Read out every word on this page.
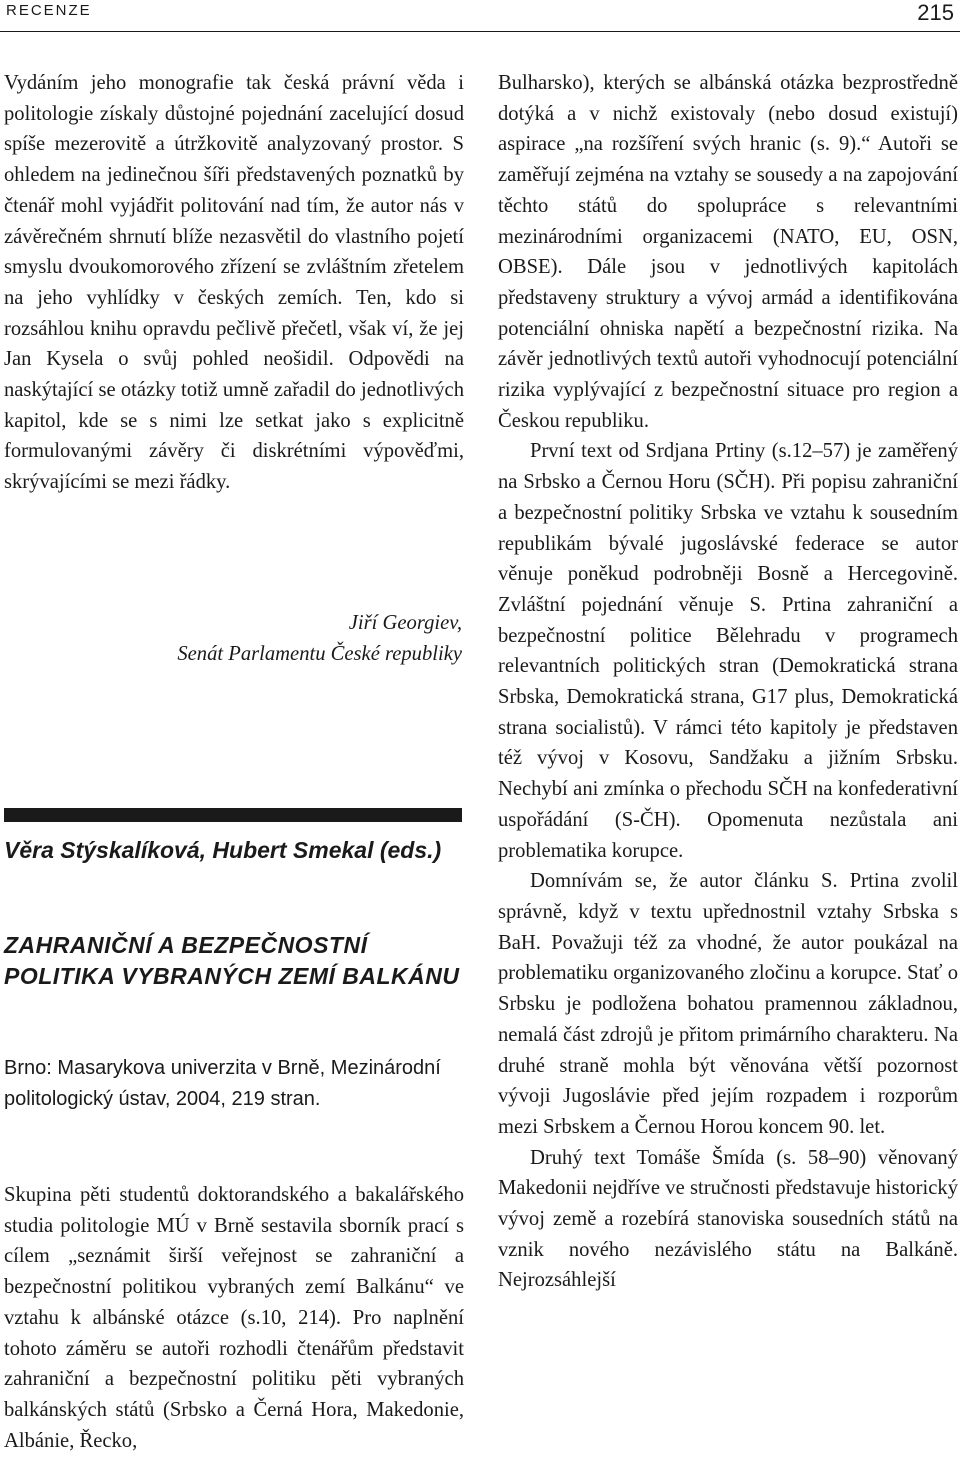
RECENZE	215

Vydáním jeho monografie tak česká právní věda i politologie získaly důstojné pojednání zacelující dosud spíše mezerovitě a útržkovitě analyzovaný prostor. S ohledem na jedinečnou šíři představených poznatků by čtenář mohl vyjádřit politování nad tím, že autor nás v závěrečném shrnutí blíže nezasvětil do vlastního pojetí smyslu dvoukomorového zřízení se zvláštním zřetelem na jeho vyhlídky v českých zemích. Ten, kdo si rozsáhlou knihu opravdu pečlivě přečetl, však ví, že jej Jan Kysela o svůj pohled neošidil. Odpovědi na naskýtající se otázky totiž umně zařadil do jednotlivých kapitol, kde se s nimi lze setkat jako s explicitně formulovanými závěry či diskrétními výpověďmi, skrývajícími se mezi řádky.

Jiří Georgiev,
Senát Parlamentu České republiky

Věra Stýskalíková, Hubert Smekal (eds.)

ZAHRANIČNÍ A BEZPEČNOSTNÍ POLITIKA VYBRANÝCH ZEMÍ BALKÁNU

Brno: Masarykova univerzita v Brně, Mezinárodní politologický ústav, 2004, 219 stran.

Skupina pěti studentů doktorandského a bakalářského studia politologie MÚ v Brně sestavila sborník prací s cílem „seznámit širší veřejnost se zahraniční a bezpečnostní politikou vybraných zemí Balkánu“ ve vztahu k albánské otázce (s.10, 214). Pro naplnění tohoto záměru se autoři rozhodli čtenářům představit zahraniční a bezpečnostní politiku pěti vybraných balkánských států (Srbsko a Černá Hora, Makedonie, Albánie, Řecko,

Bulharsko), kterých se albánská otázka bezprostředně dotýká a v nichž existovaly (nebo dosud existují) aspirace „na rozšíření svých hranic (s. 9).“ Autoři se zaměřují zejména na vztahy se sousedy a na zapojování těchto států do spolupráce s relevantními mezinárodními organizacemi (NATO, EU, OSN, OBSE). Dále jsou v jednotlivých kapitolách představeny struktury a vývoj armád a identifikována potenciální ohniska napětí a bezpečnostní rizika. Na závěr jednotlivých textů autoři vyhodnocují potenciální rizika vyplývající z bezpečnostní situace pro region a Českou republiku.

První text od Srdjana Prtiny (s.12–57) je zaměřený na Srbsko a Černou Horu (SČH). Při popisu zahraniční a bezpečnostní politiky Srbska ve vztahu k sousedním republikám bývalé jugoslávské federace se autor věnuje poněkud podrobněji Bosně a Hercegovině. Zvláštní pojednání věnuje S. Prtina zahraniční a bezpečnostní politice Bělehradu v programech relevantních politických stran (Demokratická strana Srbska, Demokratická strana, G17 plus, Demokratická strana socialistů). V rámci této kapitoly je představen též vývoj v Kosovu, Sandžaku a jižním Srbsku. Nechybí ani zmínka o přechodu SČH na konfederativní uspořádání (S-ČH). Opomenuta nezůstala ani problematika korupce.

Domnívám se, že autor článku S. Prtina zvolil správně, když v textu upřednostnil vztahy Srbska s BaH. Považuji též za vhodné, že autor poukázal na problematiku organizovaného zločinu a korupce. Stať o Srbsku je podložena bohatou pramennou základnou, nemalá část zdrojů je přitom primárního charakteru. Na druhé straně mohla být věnována větší pozornost vývoji Jugoslávie před jejím rozpadem i rozporům mezi Srbskem a Černou Horou koncem 90. let.

Druhý text Tomáše Šmída (s. 58–90) věnovaný Makedonii nejdříve ve stručnosti představuje historický vývoj země a rozebírá stanoviska sousedních států na vznik nového nezávislého státu na Balkáně. Nejrozsáhlejší
